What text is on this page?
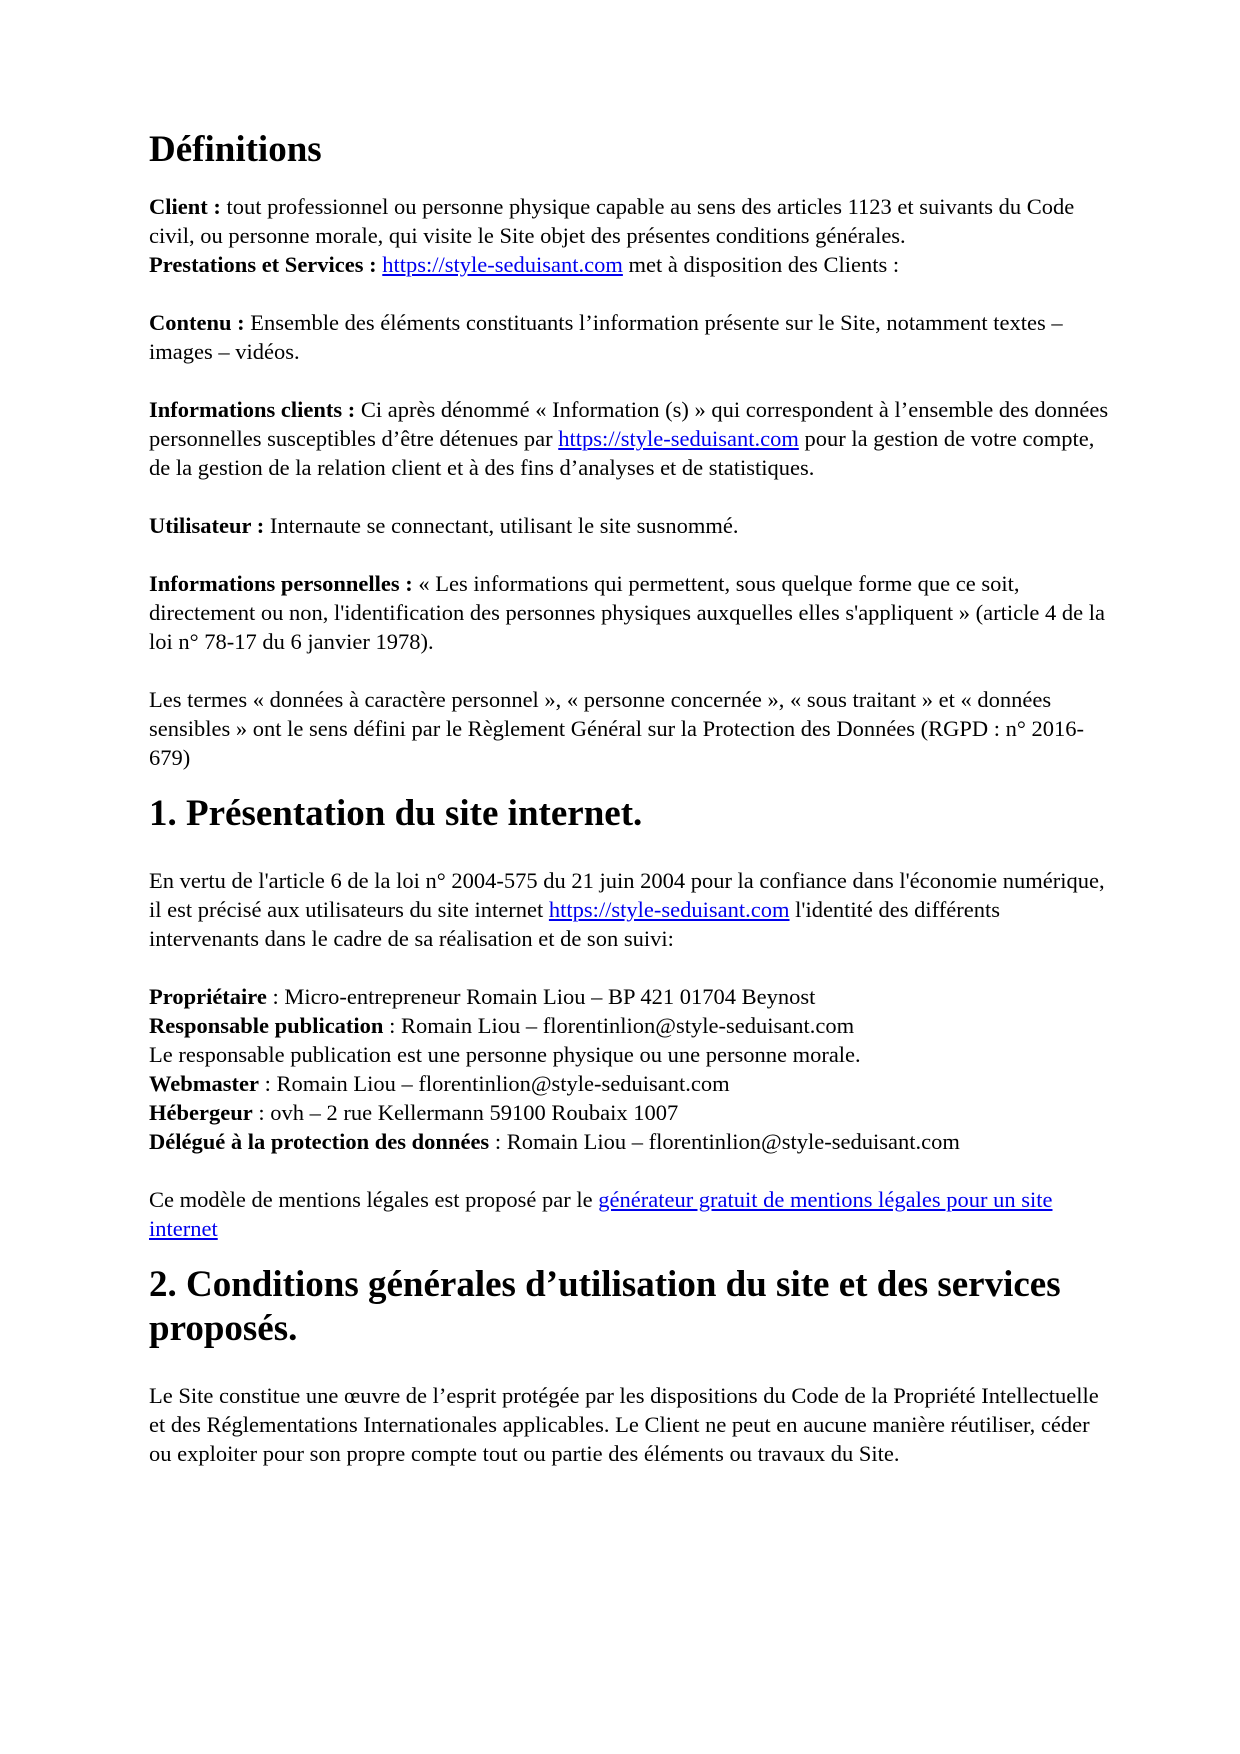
Définitions

Client : tout professionnel ou personne physique capable au sens des articles 1123 et suivants du Code civil, ou personne morale, qui visite le Site objet des présentes conditions générales.

Prestations et Services : https://style-seduisant.com met à disposition des Clients :

Contenu : Ensemble des éléments constituants l’information présente sur le Site, notamment textes – images – vidéos.

Informations clients : Ci après dénommé « Information (s) » qui correspondent à l’ensemble des données personnelles susceptibles d’être détenues par https://style-seduisant.com pour la gestion de votre compte, de la gestion de la relation client et à des fins d’analyses et de statistiques.

Utilisateur : Internaute se connectant, utilisant le site susnommé.

Informations personnelles : « Les informations qui permettent, sous quelque forme que ce soit, directement ou non, l'identification des personnes physiques auxquelles elles s'appliquent » (article 4 de la loi n° 78-17 du 6 janvier 1978).

Les termes « données à caractère personnel », « personne concernée », « sous traitant » et « données sensibles » ont le sens défini par le Règlement Général sur la Protection des Données (RGPD : n° 2016-679)

1. Présentation du site internet.

En vertu de l'article 6 de la loi n° 2004-575 du 21 juin 2004 pour la confiance dans l'économie numérique, il est précisé aux utilisateurs du site internet https://style-seduisant.com l'identité des différents intervenants dans le cadre de sa réalisation et de son suivi:

Propriétaire : Micro-entrepreneur Romain Liou – BP 421 01704 Beynost

Responsable publication : Romain Liou – florentinlion@style-seduisant.com

Le responsable publication est une personne physique ou une personne morale.

Webmaster : Romain Liou – florentinlion@style-seduisant.com

Hébergeur : ovh – 2 rue Kellermann 59100 Roubaix 1007

Délégué à la protection des données : Romain Liou – florentinlion@style-seduisant.com

Ce modèle de mentions légales est proposé par le générateur gratuit de mentions légales pour un site internet

2. Conditions générales d’utilisation du site et des services proposés.

Le Site constitue une œuvre de l’esprit protégée par les dispositions du Code de la Propriété Intellectuelle et des Réglementations Internationales applicables. Le Client ne peut en aucune manière réutiliser, céder ou exploiter pour son propre compte tout ou partie des éléments ou travaux du Site.
